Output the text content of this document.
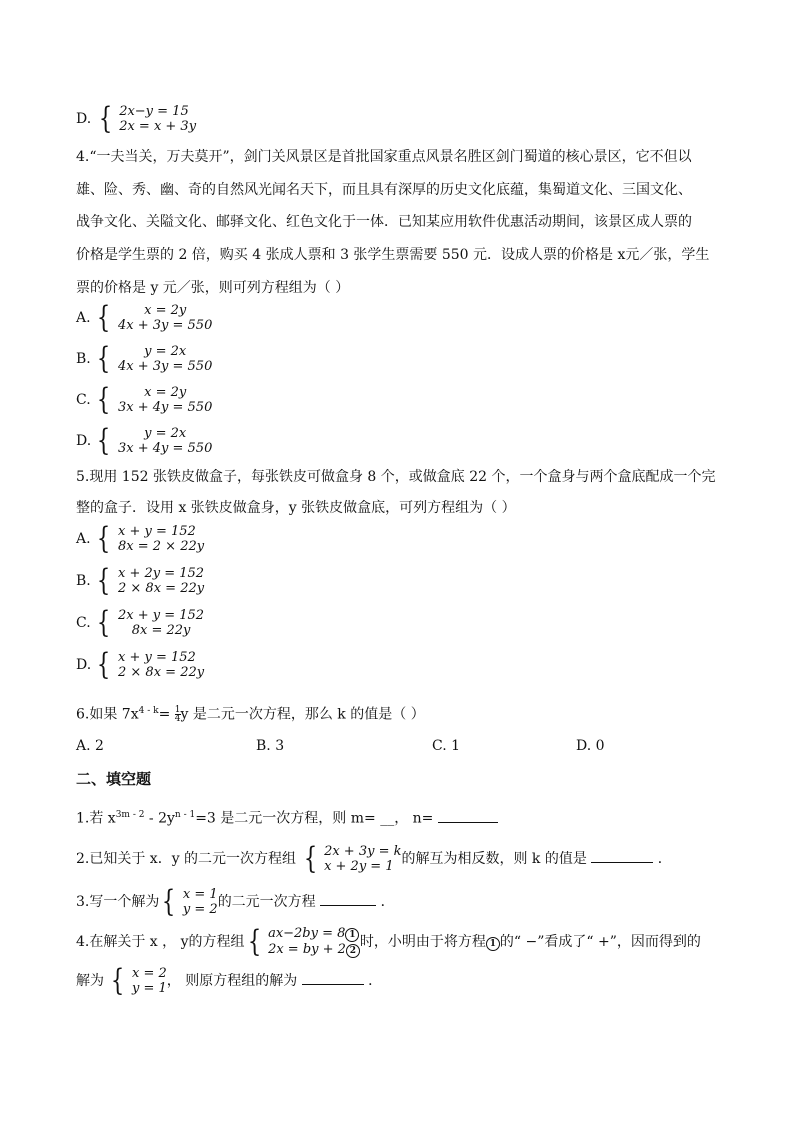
D. { 2x−y = 15
2x = x + 3y
4.“一夫当关，万夫莫开”，剑门关风景区是首批国家重点风景名胜区剑门蜀道的核心景区，它不但以
雄、险、秀、幽、奇的自然风光闻名天下，而且具有深厚的历史文化底蕴，集蜀道文化、三国文化、
战争文化、关隘文化、邮驿文化、红色文化于一体．已知某应用软件优惠活动期间，该景区成人票的
价格是学生票的 2 倍，购买 4 张成人票和 3 张学生票需要 550 元．设成人票的价格是 x元／张，学生
票的价格是 y 元／张，则可列方程组为（ ）
A. {	x = 2y
4x + 3y = 550
B. {	y = 2x
4x + 3y = 550
C. {	x = 2y
3x + 4y = 550
D. {	y = 2x
3x + 4y = 550
5.现用 152 张铁皮做盒子，每张铁皮可做盒身 8 个，或做盒底 22 个，一个盒身与两个盒底配成一个完
整的盒子．设用 x 张铁皮做盒身，y 张铁皮做盒底，可列方程组为（ ）
A. { x + y = 152
8x = 2 × 22y
B. { x + 2y = 152
2 × 8x = 22y
C. { 2x + y = 152
8x = 22y
D. { x + y = 152
2 × 8x = 22y
6.如果 $7x^{4 - k}= \frac{1}{4}$ y 是二元一次方程，那么 k 的值是（ ）
A. 2	B. 3	C. 1	D. 0
二、填空题
1.若 $x^{3m - 2} - 2y^{n - 1}=3$ 是二元一次方程，则 m= __， n=
2.已知关于 x．y 的二元一次方程组 { 2x + 3y = k
x + 2y = 1 的解互为相反数，则 k 的值是	．
3.写一个解为{ x = 1
y = 2 的二元一次方程	．
4.在解关于 x ， y的方程组{ ax−2by = 8 1
2x = by + 2 2
时，小明由于将方程 1 的“ −”看成了“ +”，因而得到的
解为 { x = 2
y = 1 ， 则原方程组的解为	．
